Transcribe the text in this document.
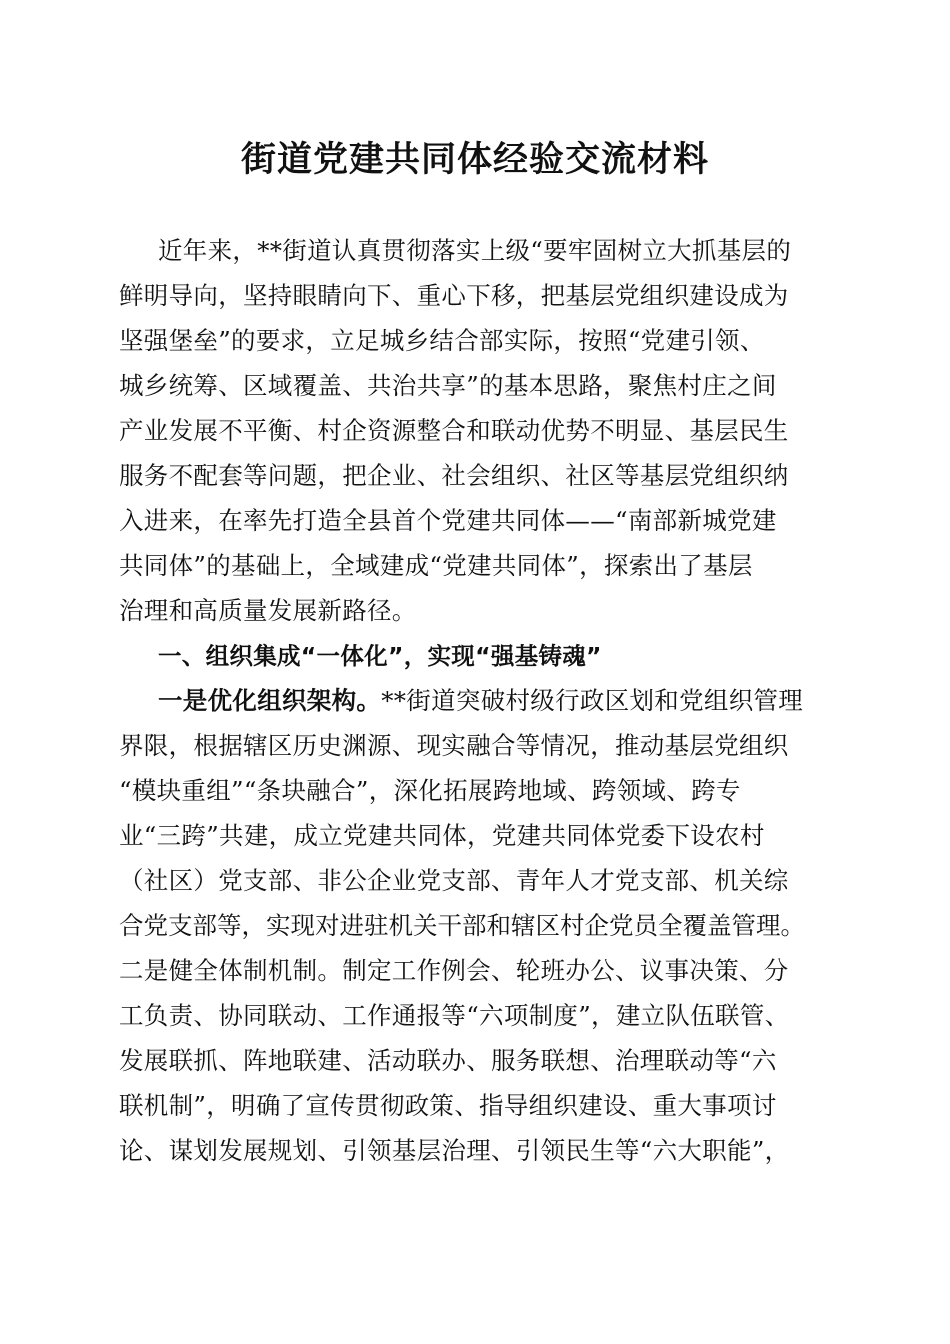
街道党建共同体经验交流材料
近年来，**街道认真贯彻落实上级“要牢固树立大抓基层的
鲜明导向，坚持眼睛向下、重心下移，把基层党组织建设成为
坚强堡垒”的要求，立足城乡结合部实际，按照“党建引领、
城乡统筹、区域覆盖、共治共享”的基本思路，聚焦村庄之间
产业发展不平衡、村企资源整合和联动优势不明显、基层民生
服务不配套等问题，把企业、社会组织、社区等基层党组织纳
入进来，在率先打造全县首个党建共同体——“南部新城党建
共同体”的基础上，全域建成“党建共同体”，探索出了基层
治理和高质量发展新路径。
一、组织集成“一体化”，实现“强基铸魂”
一是优化组织架构。**街道突破村级行政区划和党组织管理
界限，根据辖区历史渊源、现实融合等情况，推动基层党组织
“模块重组”“条块融合”，深化拓展跨地域、跨领域、跨专
业“三跨”共建，成立党建共同体，党建共同体党委下设农村
（社区）党支部、非公企业党支部、青年人才党支部、机关综
合党支部等，实现对进驻机关干部和辖区村企党员全覆盖管理。
二是健全体制机制。制定工作例会、轮班办公、议事决策、分
工负责、协同联动、工作通报等“六项制度”，建立队伍联管、
发展联抓、阵地联建、活动联办、服务联想、治理联动等“六
联机制”，明确了宣传贯彻政策、指导组织建设、重大事项讨
论、谋划发展规划、引领基层治理、引领民生等“六大职能”，
